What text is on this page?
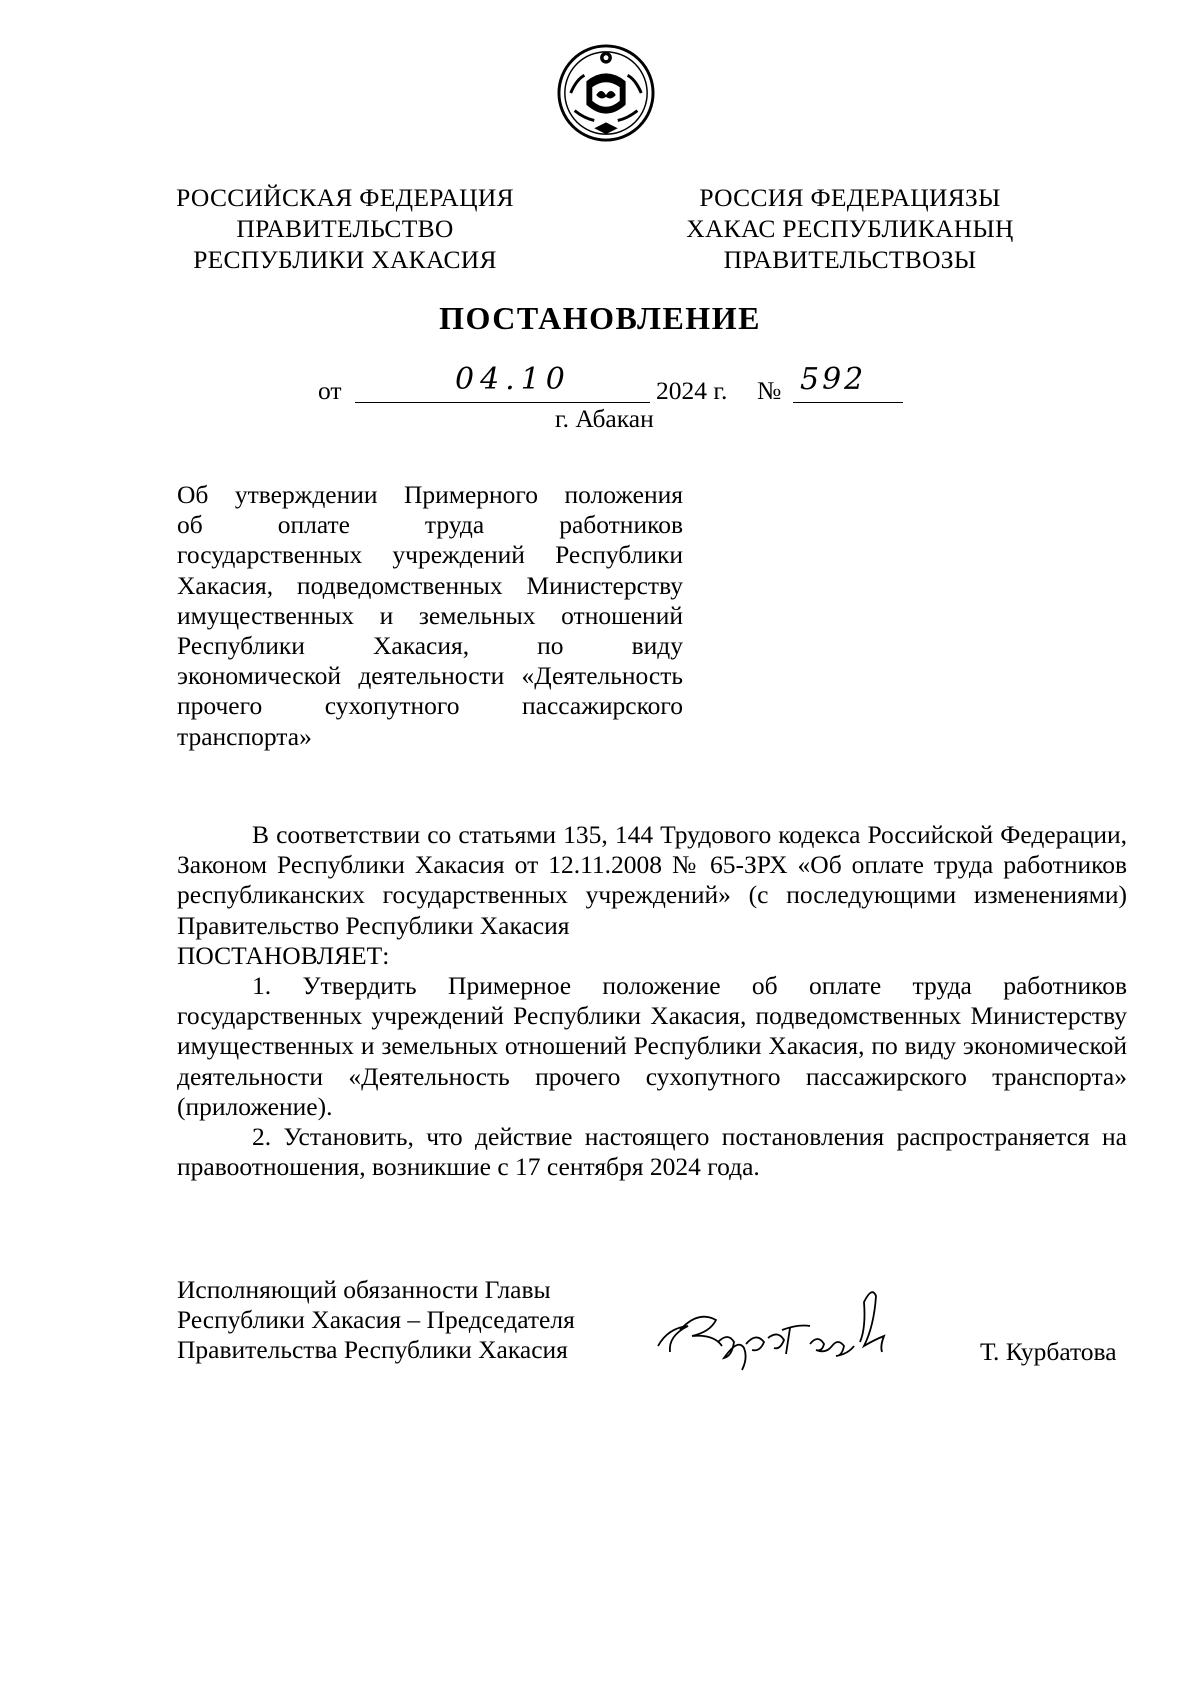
РОССИЙСКАЯ ФЕДЕРАЦИЯ
ПРАВИТЕЛЬСТВО
РЕСПУБЛИКИ ХАКАСИЯ
РОССИЯ ФЕДЕРАЦИЯЗЫ
ХАКАС РЕСПУБЛИКАНЫҢ
ПРАВИТЕЛЬСТВОЗЫ
ПОСТАНОВЛЕНИЕ
от	04.10	2024 г. № 592
г. Абакан
Об утверждении Примерного положения
об оплате труда работников
государственных учреждений Республики
Хакасия, подведомственных Министерству
имущественных и земельных отношений
Республики Хакасия, по виду
экономической деятельности «Деятельность
прочего сухопутного пассажирского
транспорта»

В соответствии со статьями 135, 144 Трудового кодекса Российской Федерации, Законом Республики Хакасия от 12.11.2008 № 65-ЗРХ «Об оплате труда работников республиканских государственных учреждений» (с последующими изменениями) Правительство Республики Хакасия

ПОСТАНОВЛЯЕТ:

1. Утвердить Примерное положение об оплате труда работников государственных учреждений Республики Хакасия, подведомственных Министерству имущественных и земельных отношений Республики Хакасия, по виду экономической деятельности «Деятельность прочего сухопутного пассажирского транспорта» (приложение).

2. Установить, что действие настоящего постановления распространяется на правоотношения, возникшие с 17 сентября 2024 года.

Исполняющий обязанности Главы
Республики Хакасия – Председателя
Правительства Республики Хакасия	Т. Курбатова
